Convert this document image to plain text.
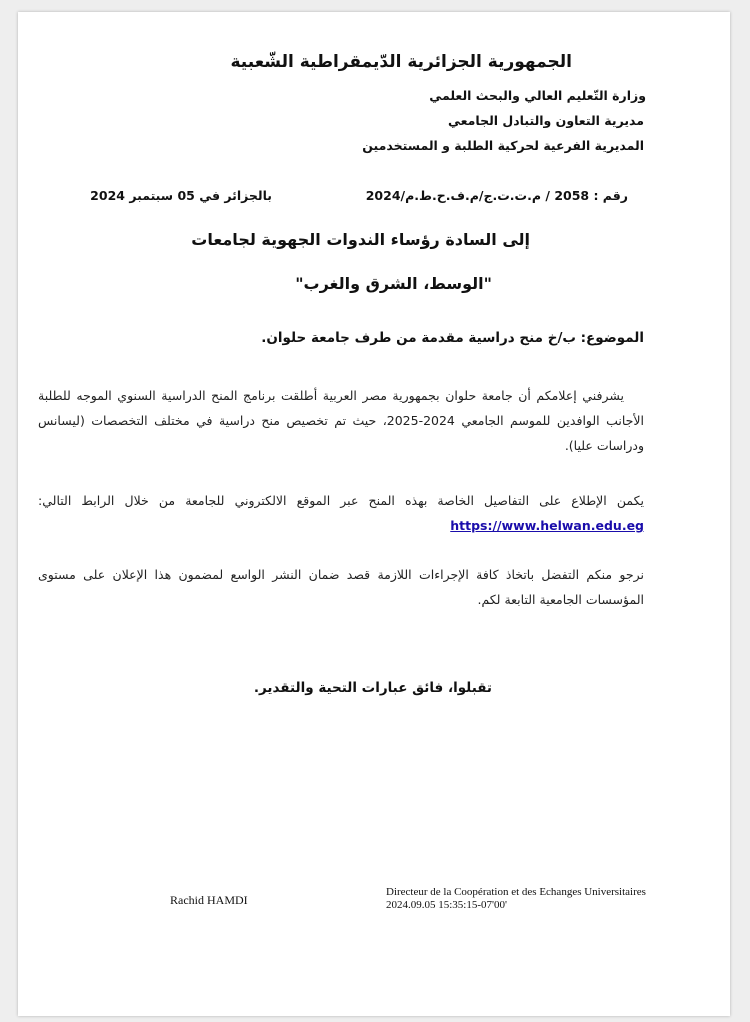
الجمهورية الجزائرية الدّيمقراطية الشّعبية
وزارة التّعليم العالي والبحث العلمي
مديرية التعاون والتبادل الجامعي
المديرية الفرعية لحركية الطلبة و المستخدمين
رقم : 2058 / م.ت.ت.ج/م.ف.ح.ط.م/2024
بالجزائر في 05 سبتمبر 2024
إلى السادة رؤساء الندوات الجهوية لجامعات
"الوسط، الشرق والغرب"
الموضوع: ب/خ منح دراسية مقدمة من طرف جامعة حلوان.
يشرفني إعلامكم أن جامعة حلوان بجمهورية مصر العربية أطلقت برنامج المنح الدراسية السنوي الموجه للطلبة الأجانب الوافدين للموسم الجامعي 2024-2025، حيث تم تخصيص منح دراسية في مختلف التخصصات (ليسانس ودراسات عليا).
يكمن الإطلاع على التفاصيل الخاصة بهذه المنح عبر الموقع الالكتروني للجامعة من خلال الرابط التالي: https://www.helwan.edu.eg
نرجو منكم التفضل باتخاذ كافة الإجراءات اللازمة قصد ضمان النشر الواسع لمضمون هذا الإعلان على مستوى المؤسسات الجامعية التابعة لكم.
تقبلوا، فائق عبارات التحية والتقدير.
Rachid HAMDI
Directeur de la Coopération et des Echanges Universitaires
2024.09.05 15:35:15-07'00'
